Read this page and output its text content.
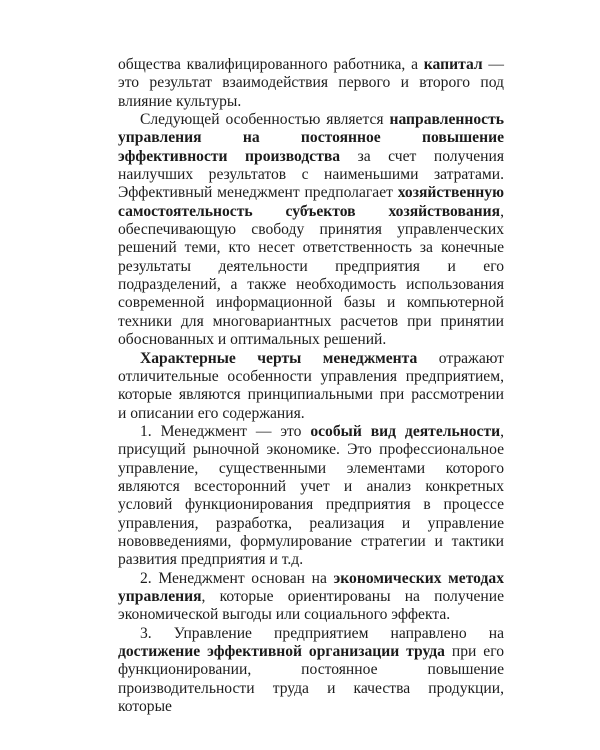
общества квалифицированного работника, а капитал — это результат взаимодействия первого и второго под влияние культуры.

Следующей особенностью является направленность управления на постоянное повышение эффективности производства за счет получения наилучших результатов с наименьшими затратами. Эффективный менеджмент предполагает хозяйственную самостоятельность субъектов хозяйствования, обеспечивающую свободу принятия управленческих решений теми, кто несет ответственность за конечные результаты деятельности предприятия и его подразделений, а также необходимость использования современной информационной базы и компьютерной техники для многовариантных расчетов при принятии обоснованных и оптимальных решений.

Характерные черты менеджмента отражают отличительные особенности управления предприятием, которые являются принципиальными при рассмотрении и описании его содержания.

1. Менеджмент — это особый вид деятельности, присущий рыночной экономике. Это профессиональное управление, существенными элементами которого являются всесторонний учет и анализ конкретных условий функционирования предприятия в процессе управления, разработка, реализация и управление нововведениями, формулирование стратегии и тактики развития предприятия и т.д.

2. Менеджмент основан на экономических методах управления, которые ориентированы на получение экономической выгоды или социального эффекта.

3. Управление предприятием направлено на достижение эффективной организации труда при его функционировании, постоянное повышение производительности труда и качества продукции, которые
